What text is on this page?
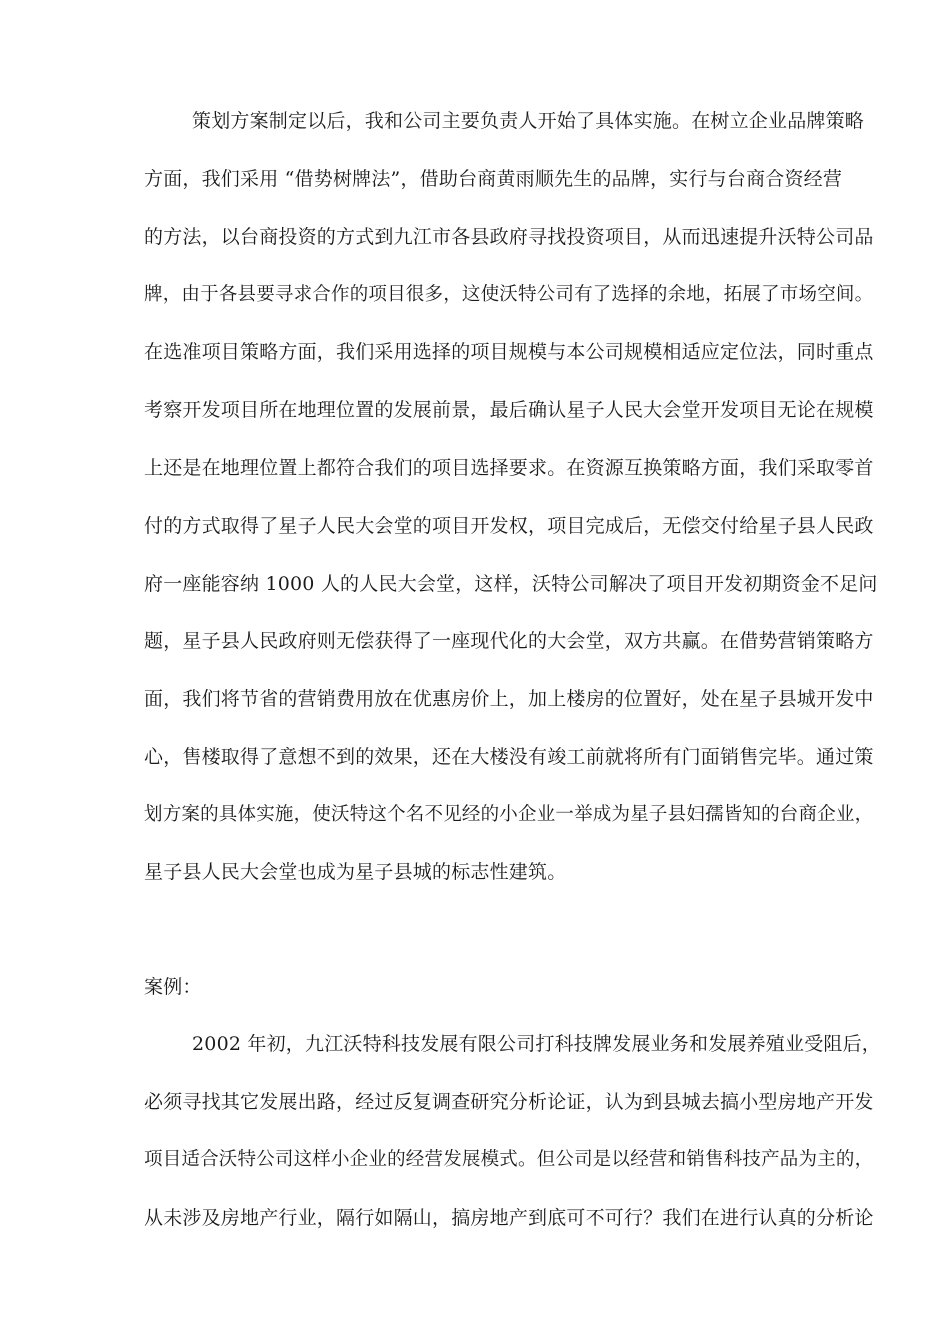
策划方案制定以后，我和公司主要负责人开始了具体实施。在树立企业品牌策略
方面，我们采用 “借势树牌法”，借助台商黄雨顺先生的品牌，实行与台商合资经营
的方法，以台商投资的方式到九江市各县政府寻找投资项目，从而迅速提升沃特公司品
牌，由于各县要寻求合作的项目很多，这使沃特公司有了选择的余地，拓展了市场空间。
在选准项目策略方面，我们采用选择的项目规模与本公司规模相适应定位法，同时重点
考察开发项目所在地理位置的发展前景，最后确认星子人民大会堂开发项目无论在规模
上还是在地理位置上都符合我们的项目选择要求。在资源互换策略方面，我们采取零首
付的方式取得了星子人民大会堂的项目开发权，项目完成后，无偿交付给星子县人民政
府一座能容纳 1000 人的人民大会堂，这样，沃特公司解决了项目开发初期资金不足问
题，星子县人民政府则无偿获得了一座现代化的大会堂，双方共赢。在借势营销策略方
面，我们将节省的营销费用放在优惠房价上，加上楼房的位置好，处在星子县城开发中
心，售楼取得了意想不到的效果，还在大楼没有竣工前就将所有门面销售完毕。通过策
划方案的具体实施，使沃特这个名不见经的小企业一举成为星子县妇孺皆知的台商企业，
星子县人民大会堂也成为星子县城的标志性建筑。
案例：
2002 年初，九江沃特科技发展有限公司打科技牌发展业务和发展养殖业受阻后，
必须寻找其它发展出路，经过反复调查研究分析论证，认为到县城去搞小型房地产开发
项目适合沃特公司这样小企业的经营发展模式。但公司是以经营和销售科技产品为主的，
从未涉及房地产行业，隔行如隔山，搞房地产到底可不可行？我们在进行认真的分析论
